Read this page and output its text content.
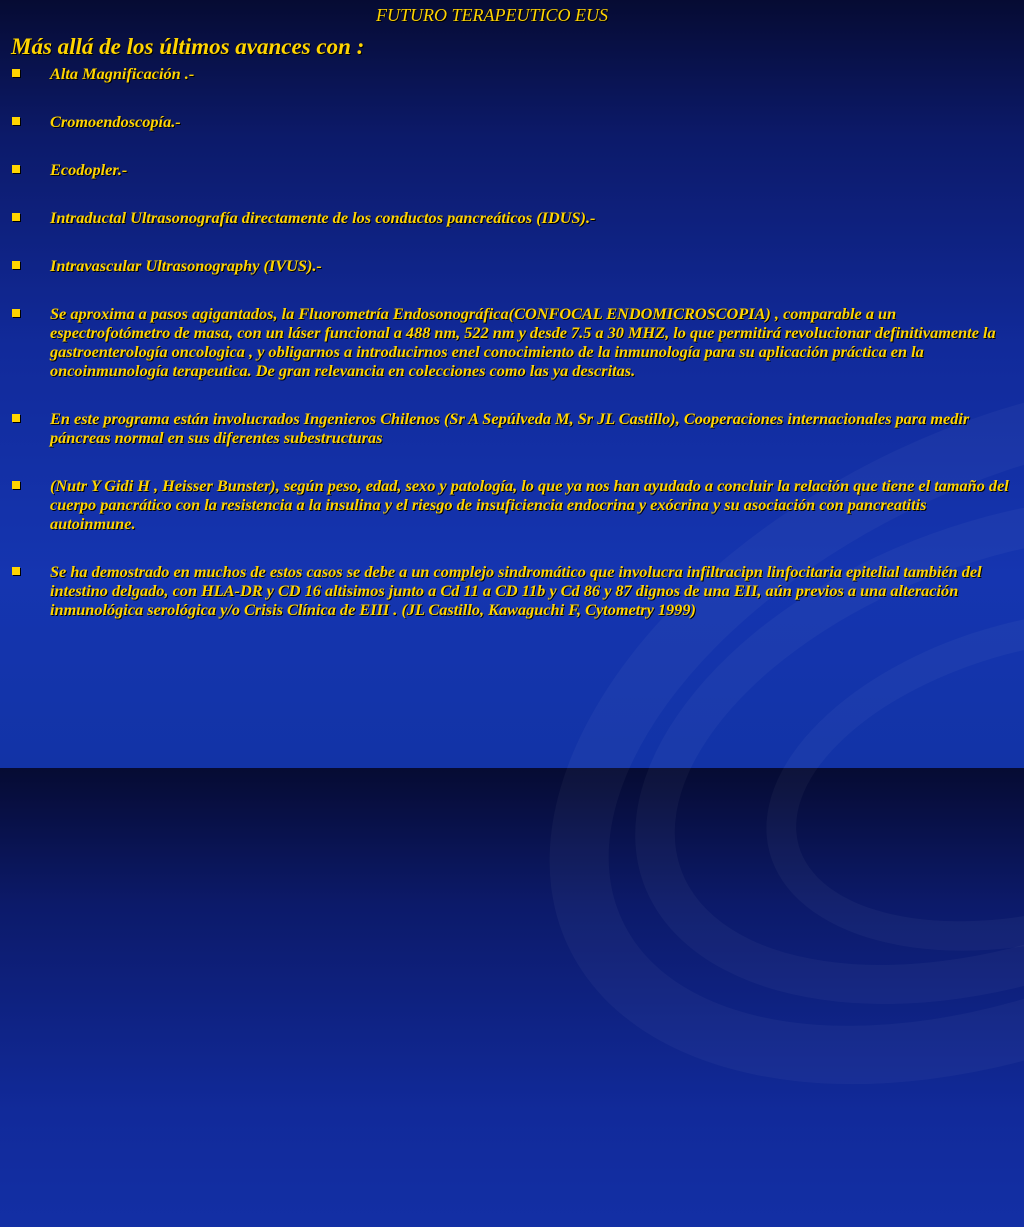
FUTURO TERAPEUTICO EUS
Más allá de los últimos avances con :
Alta Magnificación .-
Cromoendoscopía.-
Ecodopler.-
Intraductal Ultrasonografía directamente de los conductos pancreáticos (IDUS).-
Intravascular Ultrasonography (IVUS).-
Se aproxima a pasos agigantados, la Fluorometría Endosonográfica(CONFOCAL ENDOMICROSCOPIA) , comparable a un espectrofotómetro de masa, con un láser funcional a 488 nm, 522 nm y desde 7.5 a 30 MHZ, lo que permitirá revolucionar definitivamente la gastroenterología oncologica , y obligarnos a introducirnos enel conocimiento de la inmunología para su aplicación práctica en la oncoinmunología terapeutica. De gran relevancia en colecciones como las ya descritas.
En este programa están involucrados Ingenieros Chilenos (Sr A Sepúlveda M, Sr JL Castillo), Cooperaciones internacionales para medir páncreas normal en sus diferentes subestructuras
(Nutr Y Gidi H , Heisser Bunster), según peso, edad, sexo y patología, lo que ya nos han ayudado a concluir la relación que tiene el tamaño del cuerpo pancrático con la resistencia a la insulina y el riesgo de insuficiencia endocrina y exócrina y su asociación con pancreatitis autoinmune.
Se ha demostrado en muchos de estos casos se debe a un complejo sindromático que involucra infiltracipn linfocitaria epitelial también del intestino delgado, con HLA-DR y CD 16 altisimos junto a Cd 11 a CD 11b y Cd 86 y 87 dignos de una EII, aún previos a una alteración inmunológica serológica y/o Crisis Clínica de EIII . (JL Castillo, Kawaguchi F, Cytometry 1999)
